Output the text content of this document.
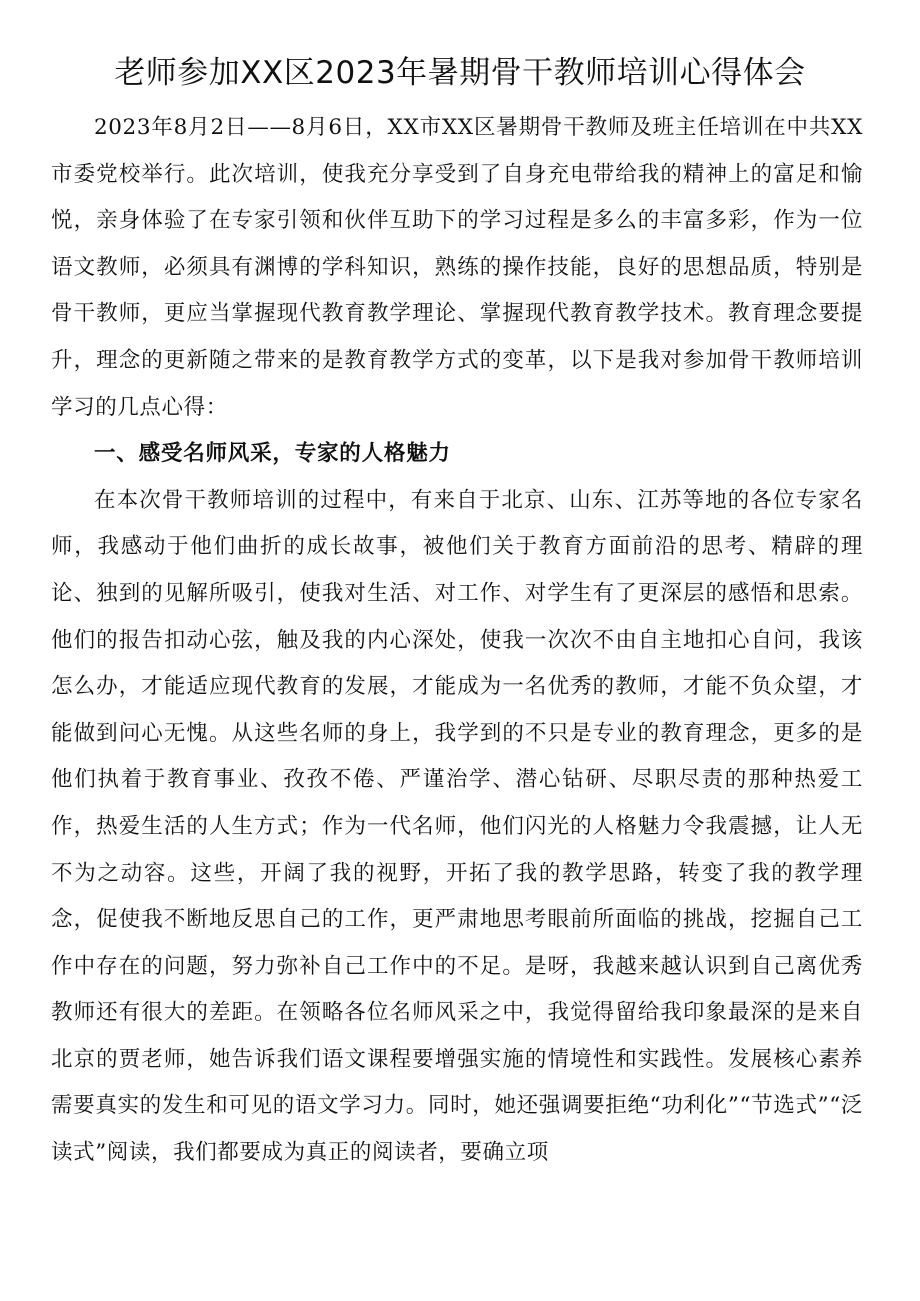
老师参加XX区2023年暑期骨干教师培训心得体会

2023年8月2日——8月6日，XX市XX区暑期骨干教师及班主任培训在中共XX市委党校举行。此次培训，使我充分享受到了自身充电带给我的精神上的富足和愉悦，亲身体验了在专家引领和伙伴互助下的学习过程是多么的丰富多彩，作为一位语文教师，必须具有渊博的学科知识，熟练的操作技能，良好的思想品质，特别是骨干教师，更应当掌握现代教育教学理论、掌握现代教育教学技术。教育理念要提升，理念的更新随之带来的是教育教学方式的变革，以下是我对参加骨干教师培训学习的几点心得：

一、感受名师风采，专家的人格魅力

在本次骨干教师培训的过程中，有来自于北京、山东、江苏等地的各位专家名师，我感动于他们曲折的成长故事，被他们关于教育方面前沿的思考、精辟的理论、独到的见解所吸引，使我对生活、对工作、对学生有了更深层的感悟和思索。他们的报告扣动心弦，触及我的内心深处，使我一次次不由自主地扣心自问，我该怎么办，才能适应现代教育的发展，才能成为一名优秀的教师，才能不负众望，才能做到问心无愧。从这些名师的身上，我学到的不只是专业的教育理念，更多的是他们执着于教育事业、孜孜不倦、严谨治学、潜心钻研、尽职尽责的那种热爱工作，热爱生活的人生方式；作为一代名师，他们闪光的人格魅力令我震撼，让人无不为之动容。这些，开阔了我的视野，开拓了我的教学思路，转变了我的教学理念，促使我不断地反思自己的工作，更严肃地思考眼前所面临的挑战，挖掘自己工作中存在的问题，努力弥补自己工作中的不足。是呀，我越来越认识到自己离优秀教师还有很大的差距。在领略各位名师风采之中，我觉得留给我印象最深的是来自北京的贾老师，她告诉我们语文课程要增强实施的情境性和实践性。发展核心素养需要真实的发生和可见的语文学习力。同时，她还强调要拒绝“功利化”“节选式”“泛读式”阅读，我们都要成为真正的阅读者，要确立项
